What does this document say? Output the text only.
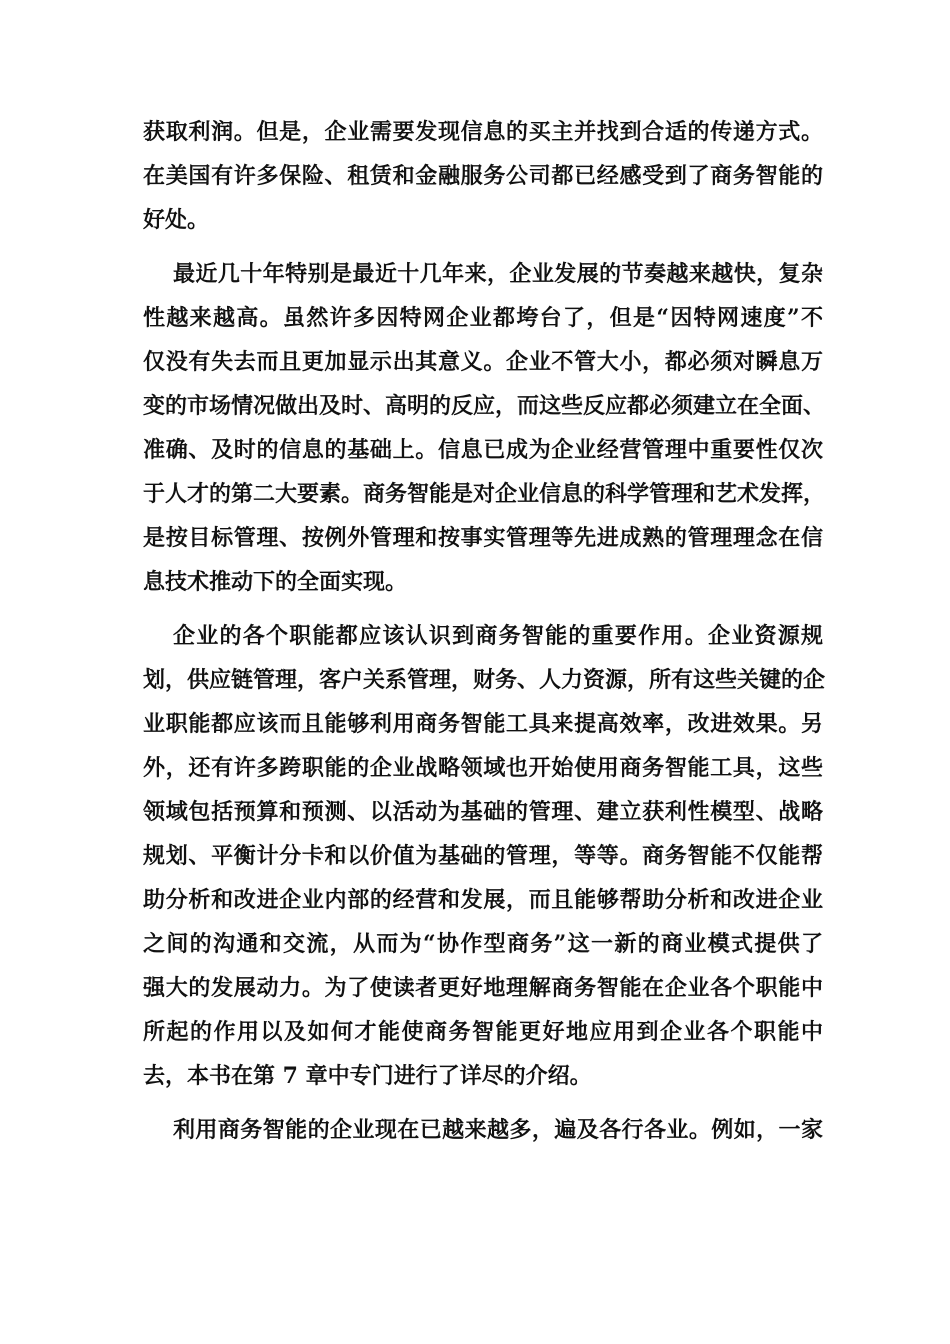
获取利润。但是，企业需要发现信息的买主并找到合适的传递方式。
在美国有许多保险、租赁和金融服务公司都已经感受到了商务智能的
好处。
最近几十年特别是最近十几年来，企业发展的节奏越来越快，复杂
性越来越高。虽然许多因特网企业都垮台了，但是“因特网速度”不
仅没有失去而且更加显示出其意义。企业不管大小，都必须对瞬息万
变的市场情况做出及时、高明的反应，而这些反应都必须建立在全面、
准确、及时的信息的基础上。信息已成为企业经营管理中重要性仅次
于人才的第二大要素。商务智能是对企业信息的科学管理和艺术发挥，
是按目标管理、按例外管理和按事实管理等先进成熟的管理理念在信
息技术推动下的全面实现。
企业的各个职能都应该认识到商务智能的重要作用。企业资源规
划，供应链管理，客户关系管理，财务、人力资源，所有这些关键的企
业职能都应该而且能够利用商务智能工具来提高效率，改进效果。另
外，还有许多跨职能的企业战略领域也开始使用商务智能工具，这些
领域包括预算和预测、以活动为基础的管理、建立获利性模型、战略
规划、平衡计分卡和以价值为基础的管理，等等。商务智能不仅能帮
助分析和改进企业内部的经营和发展，而且能够帮助分析和改进企业
之间的沟通和交流，从而为“协作型商务”这一新的商业模式提供了
强大的发展动力。为了使读者更好地理解商务智能在企业各个职能中
所起的作用以及如何才能使商务智能更好地应用到企业各个职能中
去，本书在第 7 章中专门进行了详尽的介绍。
利用商务智能的企业现在已越来越多，遍及各行各业。例如，一家
